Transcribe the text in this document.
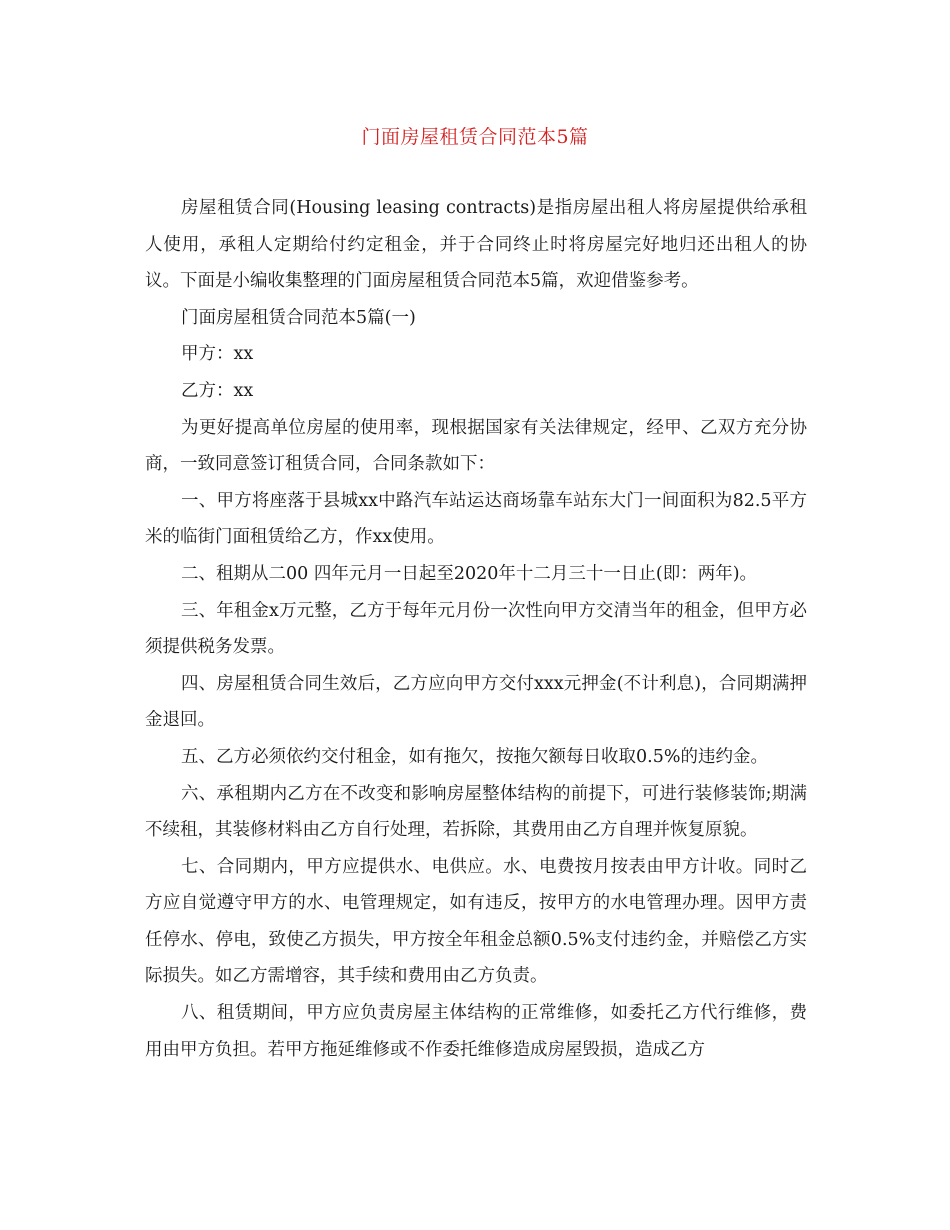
门面房屋租赁合同范本5篇

房屋租赁合同(Housing leasing contracts)是指房屋出租人将房屋提供给承租人使用，承租人定期给付约定租金，并于合同终止时将房屋完好地归还出租人的协议。下面是小编收集整理的门面房屋租赁合同范本5篇，欢迎借鉴参考。

门面房屋租赁合同范本5篇(一)

甲方：xx

乙方：xx

为更好提高单位房屋的使用率，现根据国家有关法律规定，经甲、乙双方充分协商，一致同意签订租赁合同，合同条款如下：

一、甲方将座落于县城xx中路汽车站运达商场靠车站东大门一间面积为82.5平方米的临街门面租赁给乙方，作xx使用。

二、租期从二00 四年元月一日起至2020年十二月三十一日止(即：两年)。

三、年租金x万元整，乙方于每年元月份一次性向甲方交清当年的租金，但甲方必须提供税务发票。

四、房屋租赁合同生效后，乙方应向甲方交付xxx元押金(不计利息)，合同期满押金退回。

五、乙方必须依约交付租金，如有拖欠，按拖欠额每日收取0.5%的违约金。

六、承租期内乙方在不改变和影响房屋整体结构的前提下，可进行装修装饰;期满不续租，其装修材料由乙方自行处理，若拆除，其费用由乙方自理并恢复原貌。

七、合同期内，甲方应提供水、电供应。水、电费按月按表由甲方计收。同时乙方应自觉遵守甲方的水、电管理规定，如有违反，按甲方的水电管理办理。因甲方责任停水、停电，致使乙方损失，甲方按全年租金总额0.5%支付违约金，并赔偿乙方实际损失。如乙方需增容，其手续和费用由乙方负责。

八、租赁期间，甲方应负责房屋主体结构的正常维修，如委托乙方代行维修，费用由甲方负担。若甲方拖延维修或不作委托维修造成房屋毁损，造成乙方
